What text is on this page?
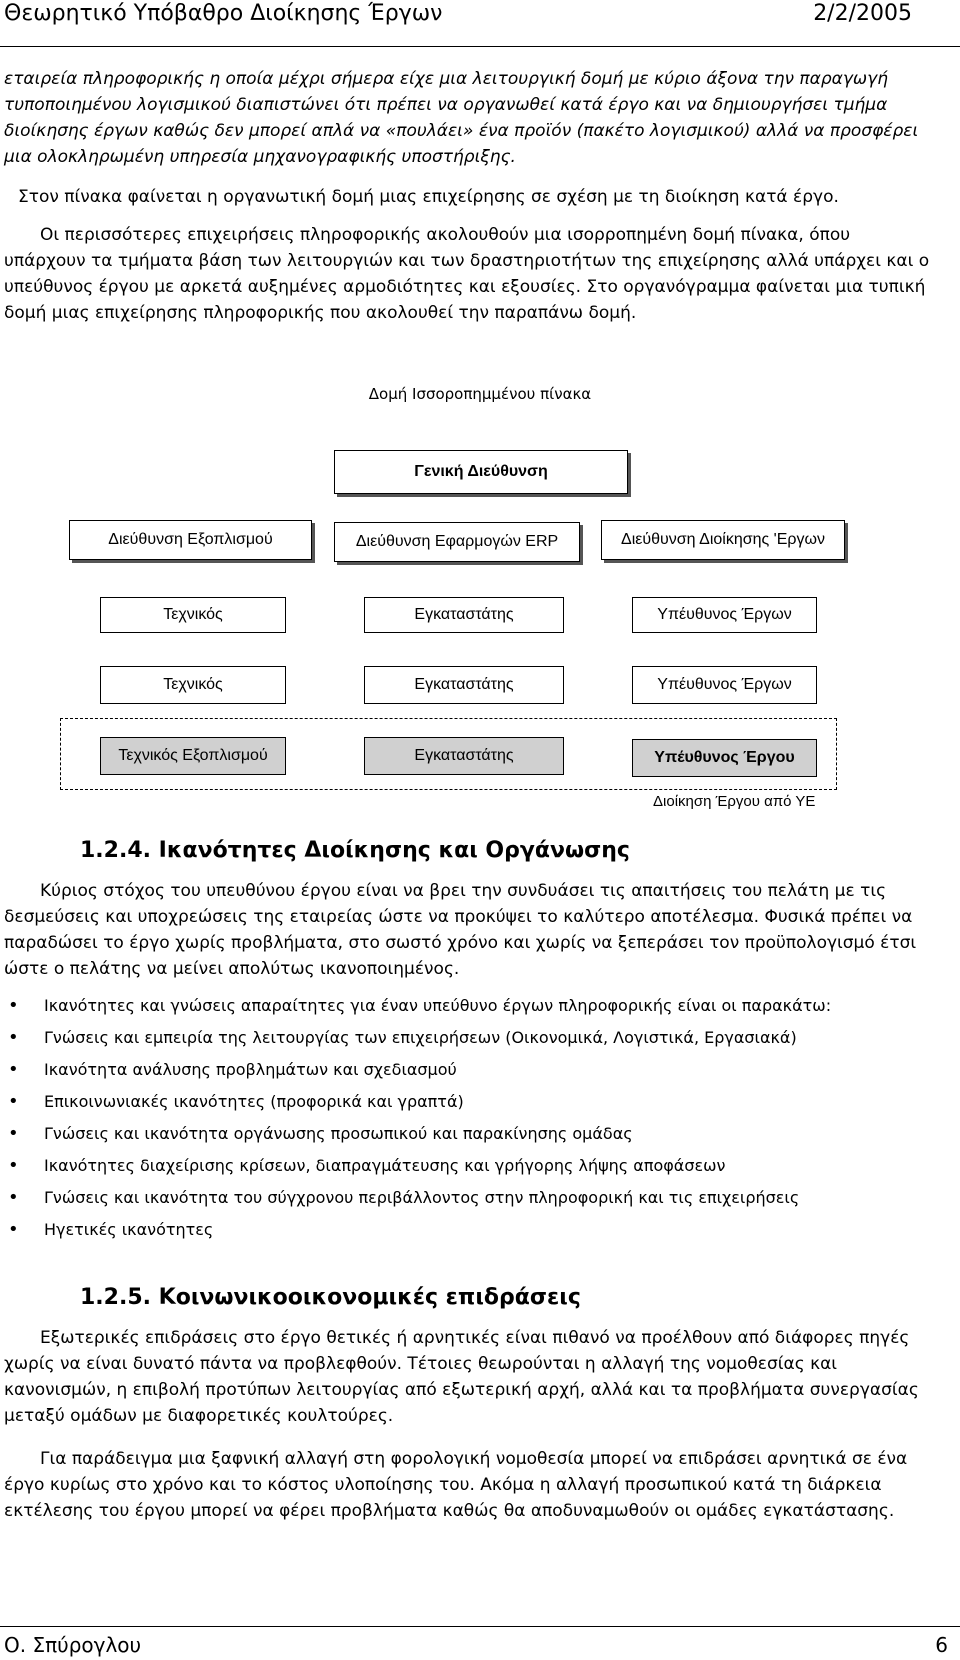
Θεωρητικό Υπόβαθρο Διοίκησης Έργων	2/2/2005

εταιρεία πληροφορικής η οποία μέχρι σήμερα είχε μια λειτουργική δομή με κύριο άξονα την παραγωγή τυποποιημένου λογισμικού διαπιστώνει ότι πρέπει να οργανωθεί κατά έργο και να δημιουργήσει τμήμα διοίκησης έργων καθώς δεν μπορεί απλά να «πουλάει» ένα προϊόν (πακέτο λογισμικού) αλλά να προσφέρει μια ολοκληρωμένη υπηρεσία μηχανογραφικής υποστήριξης.

Στον πίνακα φαίνεται η οργανωτική δομή μιας επιχείρησης σε σχέση με τη διοίκηση κατά έργο.

Οι περισσότερες επιχειρήσεις πληροφορικής ακολουθούν μια ισορροπημένη δομή πίνακα, όπου υπάρχουν τα τμήματα βάση των λειτουργιών και των δραστηριοτήτων της επιχείρησης αλλά υπάρχει και ο υπεύθυνος έργου με αρκετά αυξημένες αρμοδιότητες και εξουσίες. Στο οργανόγραμμα φαίνεται μια τυπική δομή μιας επιχείρησης πληροφορικής που ακολουθεί την παραπάνω δομή.

Δομή Ισσοροπημμένου πίνακα
Γενική Διεύθυνση
Διεύθυνση Εξοπλισμού	Διεύθυνση Εφαρμογών ERP	Διεύθυνση Διοίκησης 'Εργων
Τεχνικός	Εγκαταστάτης	Υπέυθυνος Έργων
Τεχνικός	Εγκαταστάτης	Υπέυθυνος Έργων
Τεχνικός Εξοπλισμού	Εγκαταστάτης	Υπέυθυνος Έργου
Διοίκηση Έργου από ΥΕ
1.2.4. Ικανότητες Διοίκησης και Οργάνωσης

Κύριος στόχος του υπευθύνου έργου είναι να βρει την συνδυάσει τις απαιτήσεις του πελάτη με τις δεσμεύσεις και υποχρεώσεις της εταιρείας ώστε να προκύψει το καλύτερο αποτέλεσμα. Φυσικά πρέπει να παραδώσει το έργο χωρίς προβλήματα, στο σωστό χρόνο και χωρίς να ξεπεράσει τον προϋπολογισμό έτσι ώστε ο πελάτης να μείνει απολύτως ικανοποιημένος.

• Ικανότητες και γνώσεις απαραίτητες για έναν υπεύθυνο έργων πληροφορικής είναι οι παρακάτω:
• Γνώσεις και εμπειρία της λειτουργίας των επιχειρήσεων (Οικονομικά, Λογιστικά, Εργασιακά)
• Ικανότητα ανάλυσης προβλημάτων και σχεδιασμού
• Επικοινωνιακές ικανότητες (προφορικά και γραπτά)
• Γνώσεις και ικανότητα οργάνωσης προσωπικού και παρακίνησης ομάδας
• Ικανότητες διαχείρισης κρίσεων, διαπραγμάτευσης και γρήγορης λήψης αποφάσεων
• Γνώσεις και ικανότητα του σύγχρονου περιβάλλοντος στην πληροφορική και τις επιχειρήσεις
• Ηγετικές ικανότητες
1.2.5. Κοινωνικοοικονομικές επιδράσεις

Εξωτερικές επιδράσεις στο έργο θετικές ή αρνητικές είναι πιθανό να προέλθουν από διάφορες πηγές χωρίς να είναι δυνατό πάντα να προβλεφθούν. Τέτοιες θεωρούνται η αλλαγή της νομοθεσίας και κανονισμών, η επιβολή προτύπων λειτουργίας από εξωτερική αρχή, αλλά και τα προβλήματα συνεργασίας μεταξύ ομάδων με διαφορετικές κουλτούρες.

Για παράδειγμα μια ξαφνική αλλαγή στη φορολογική νομοθεσία μπορεί να επιδράσει αρνητικά σε ένα έργο κυρίως στο χρόνο και το κόστος υλοποίησης του. Ακόμα η αλλαγή προσωπικού κατά τη διάρκεια εκτέλεσης του έργου μπορεί να φέρει προβλήματα καθώς θα αποδυναμωθούν οι ομάδες εγκατάστασης.

Ο. Σπύρογλου	6
